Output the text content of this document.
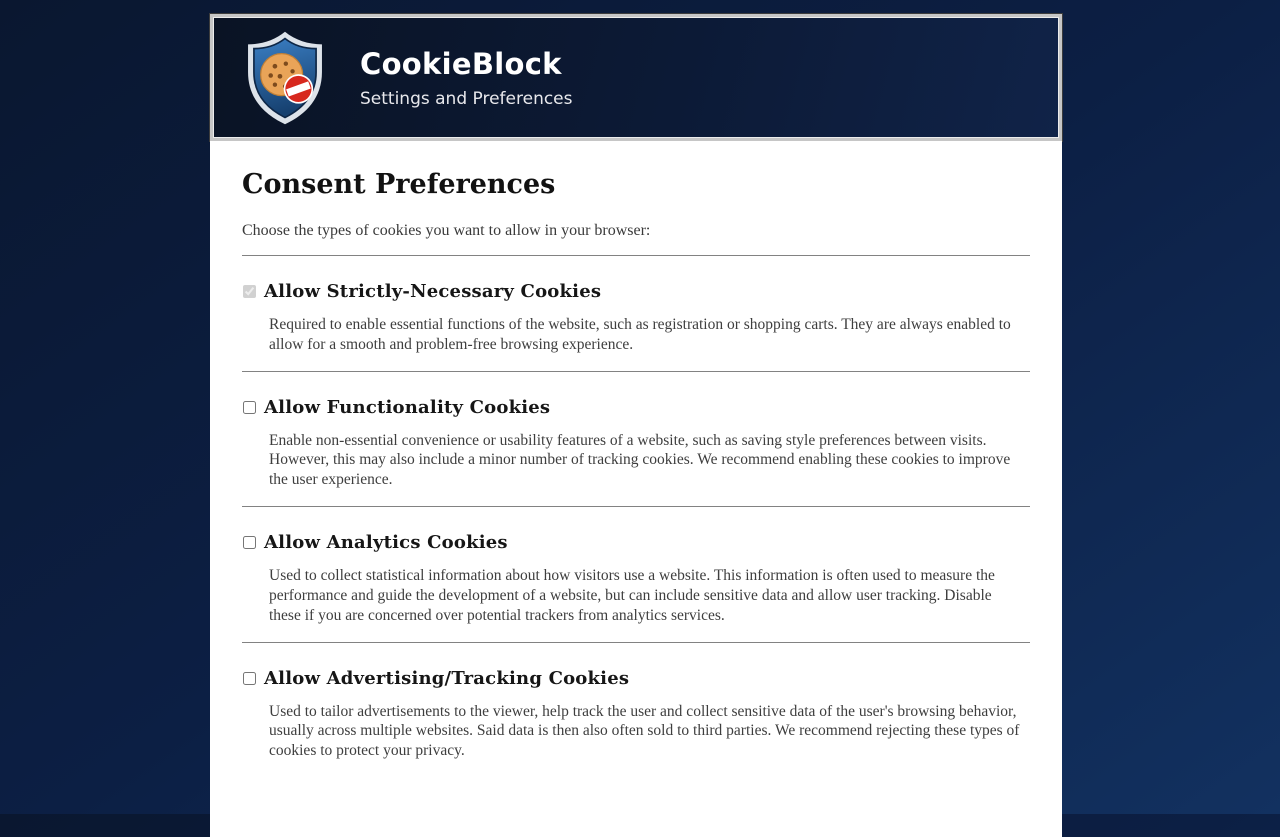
CookieBlock
Settings and Preferences
Consent Preferences

Choose the types of cookies you want to allow in your browser:

Allow Strictly-Necessary Cookies

Required to enable essential functions of the website, such as registration or shopping carts. They are always enabled to allow for a smooth and problem-free browsing experience.

Allow Functionality Cookies

Enable non-essential convenience or usability features of a website, such as saving style preferences between visits. However, this may also include a minor number of tracking cookies. We recommend enabling these cookies to improve the user experience.

Allow Analytics Cookies

Used to collect statistical information about how visitors use a website. This information is often used to measure the performance and guide the development of a website, but can include sensitive data and allow user tracking. Disable these if you are concerned over potential trackers from analytics services.

Allow Advertising/Tracking Cookies

Used to tailor advertisements to the viewer, help track the user and collect sensitive data of the user's browsing behavior, usually across multiple websites. Said data is then also often sold to third parties. We recommend rejecting these types of cookies to protect your privacy.
